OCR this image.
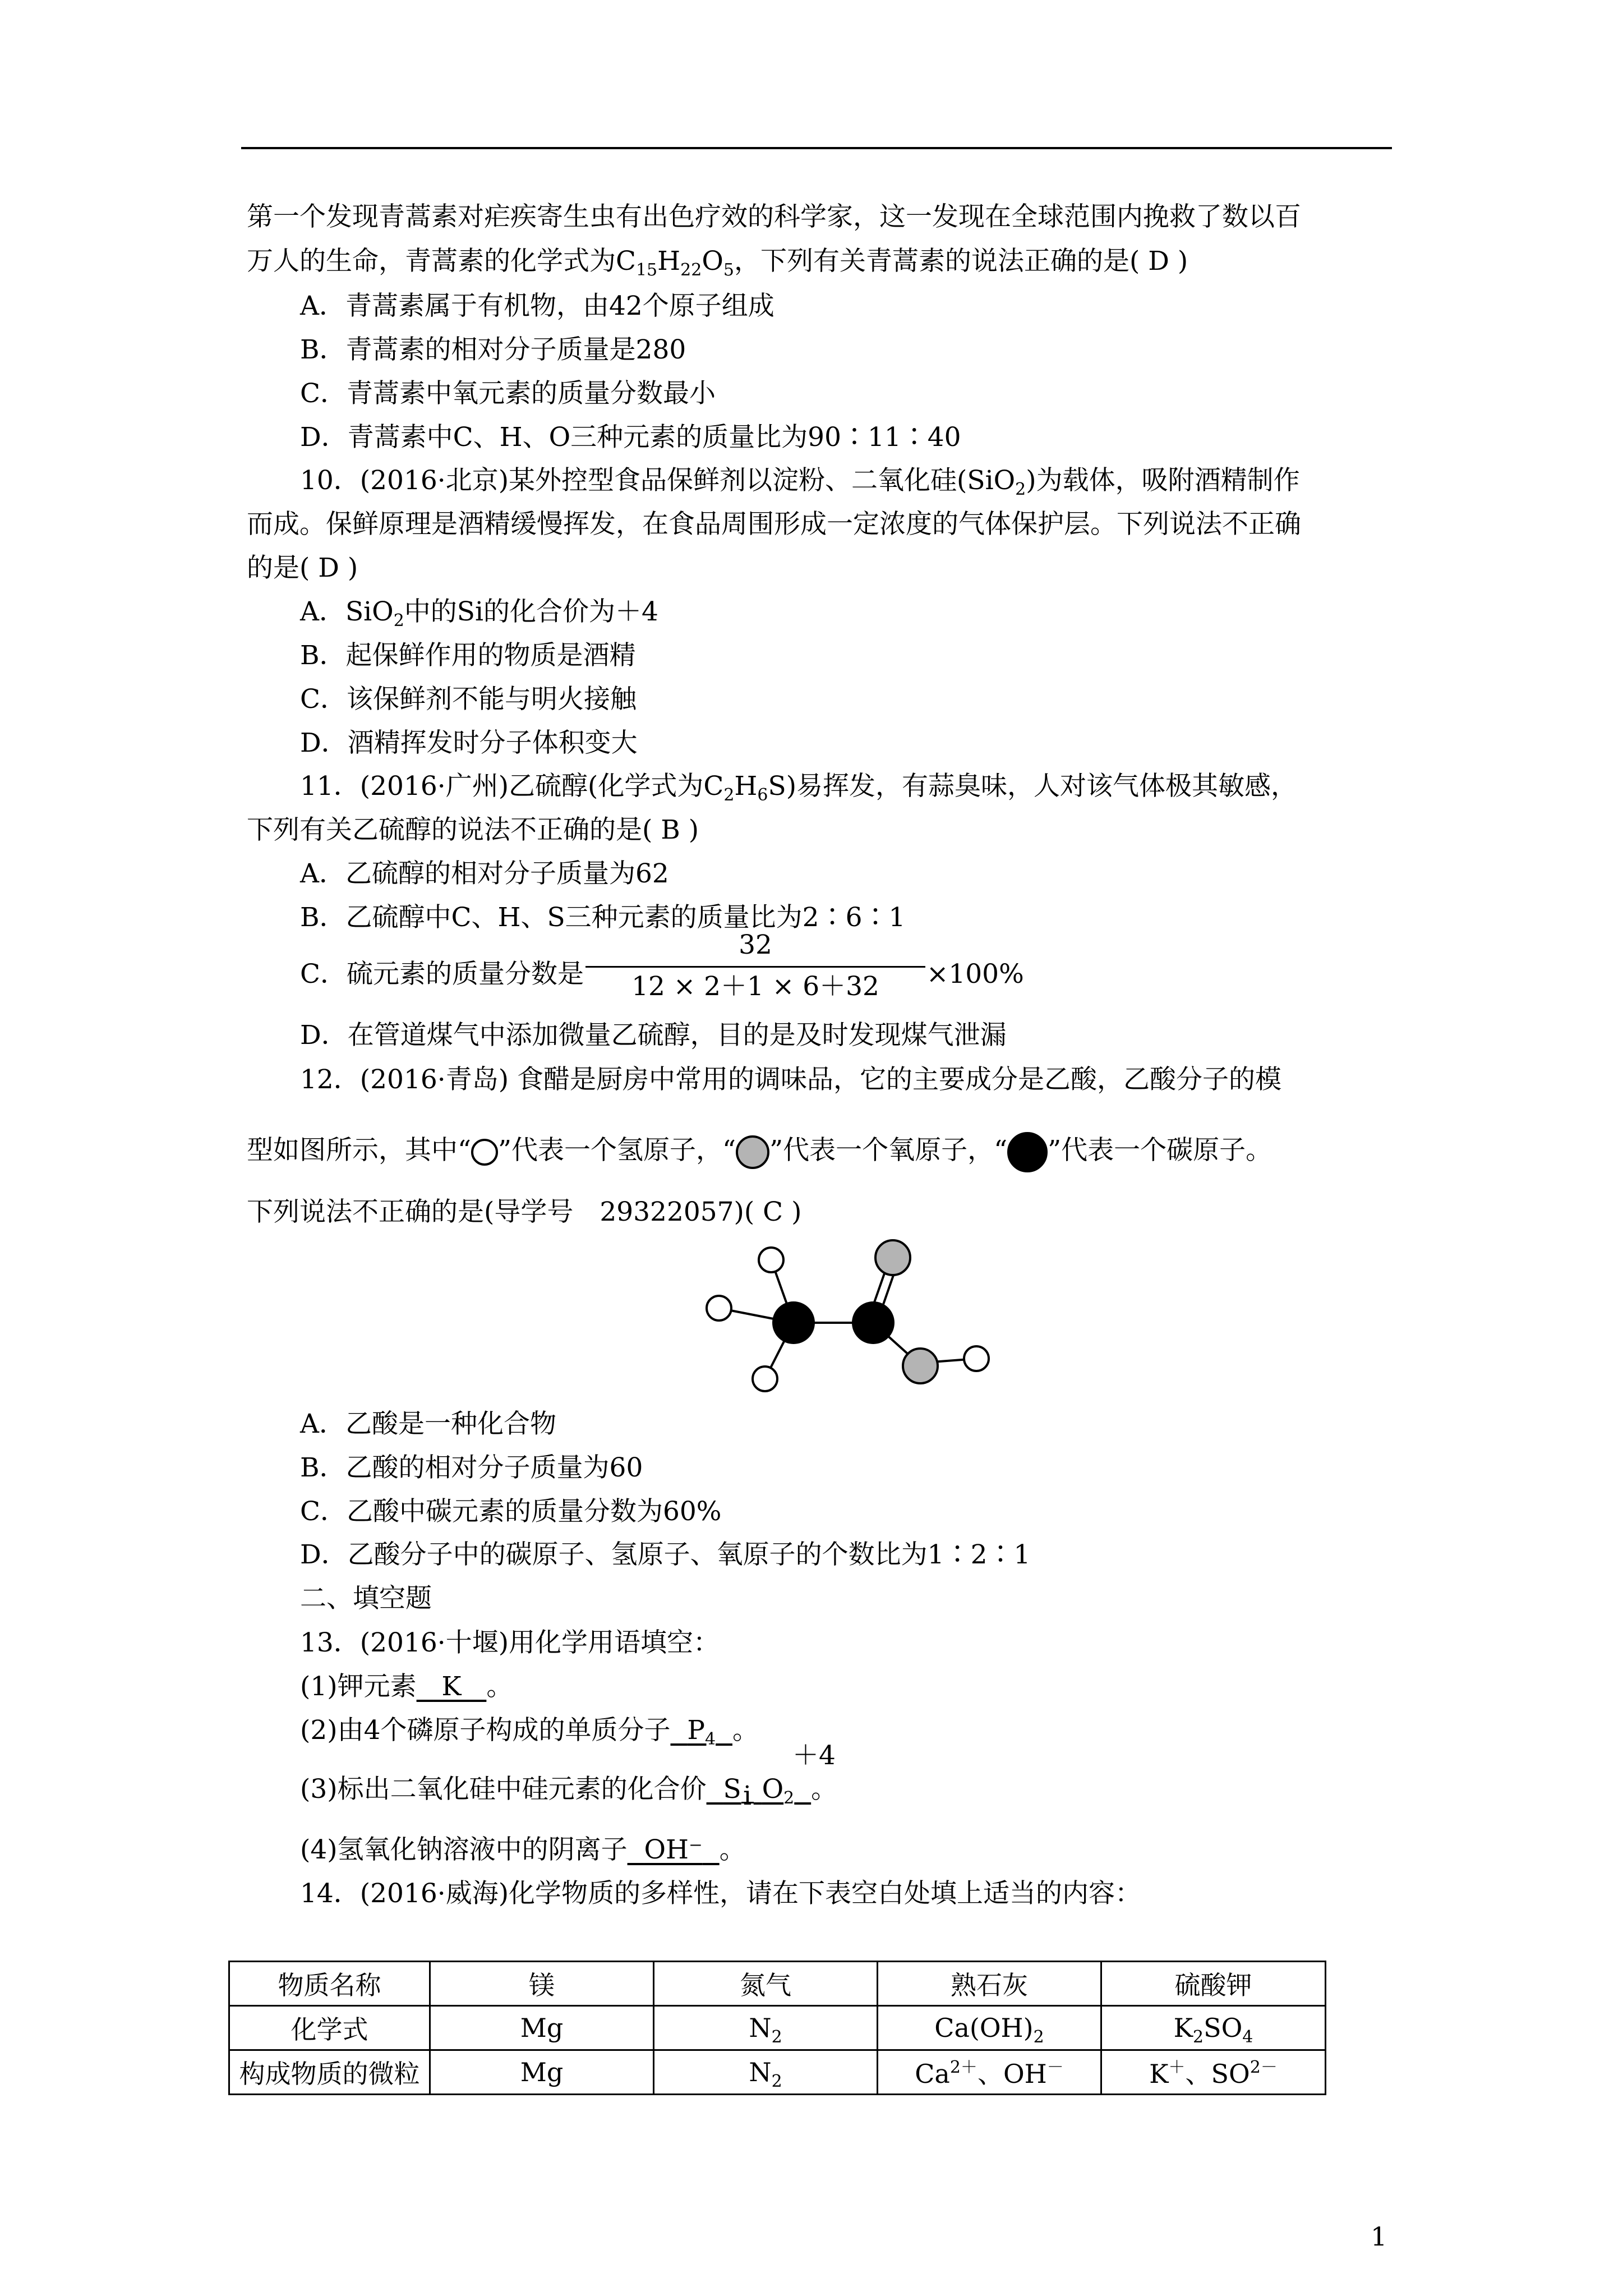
第一个发现青蒿素对疟疾寄生虫有出色疗效的科学家，这一发现在全球范围内挽救了数以百
万人的生命，青蒿素的化学式为$C_{15}H_{22}O_5$，下列有关青蒿素的说法正确的是( D )
A．青蒿素属于有机物，由42个原子组成
B．青蒿素的相对分子质量是280
C．青蒿素中氧元素的质量分数最小
D．青蒿素中C、H、O三种元素的质量比为90∶11∶40
10．(2016·北京)某外控型食品保鲜剂以淀粉、二氧化硅(SiO$_2$)为载体，吸附酒精制作
而成。保鲜原理是酒精缓慢挥发，在食品周围形成一定浓度的气体保护层。下列说法不正确
的是( D )
A．SiO$_2$中的Si的化合价为＋4
B．起保鲜作用的物质是酒精
C．该保鲜剂不能与明火接触
D．酒精挥发时分子体积变大
11．(2016·广州)乙硫醇(化学式为$C_2H_6S$)易挥发，有蒜臭味，人对该气体极其敏感，
下列有关乙硫醇的说法不正确的是( B )
A．乙硫醇的相对分子质量为62
B．乙硫醇中C、H、S三种元素的质量比为2∶6∶1
C．硫元素的质量分数是
32
12 × 2＋1 × 6＋32	×100%
D．在管道煤气中添加微量乙硫醇，目的是及时发现煤气泄漏
12．(2016·青岛) 食醋是厨房中常用的调味品，它的主要成分是乙酸，乙酸分子的模
型如图所示，其中“ ”代表一个氢原子，“ ”代表一个氧原子，“ ”代表一个碳原子。
下列说法不正确的是(导学号　29322057)( C )
A．乙酸是一种化合物
B．乙酸的相对分子质量为60
C．乙酸中碳元素的质量分数为60%
D．乙酸分子中的碳原子、氢原子、氧原子的个数比为1∶2∶1
二、填空题
13．(2016·十堰)用化学用语填空：
(1)钾元素   K   。
(2)由4个磷原子构成的单质分子 $P_4$ 。
＋4
(3)标出二氧化硅中硅元素的化合价 Si $O_2$ 。
(4)氢氧化钠溶液中的阴离子 OH⁻ 。
14．(2016·威海)化学物质的多样性，请在下表空白处填上适当的内容：
物质名称	镁	氮气	熟石灰	硫酸钾
化学式	Mg	$N_2$	$Ca(OH)_2$	$K_2SO_4$
构成物质的微粒	Mg	$N_2$	$Ca^{2+}$、OH－	K＋、$SO^{2-}$
1
